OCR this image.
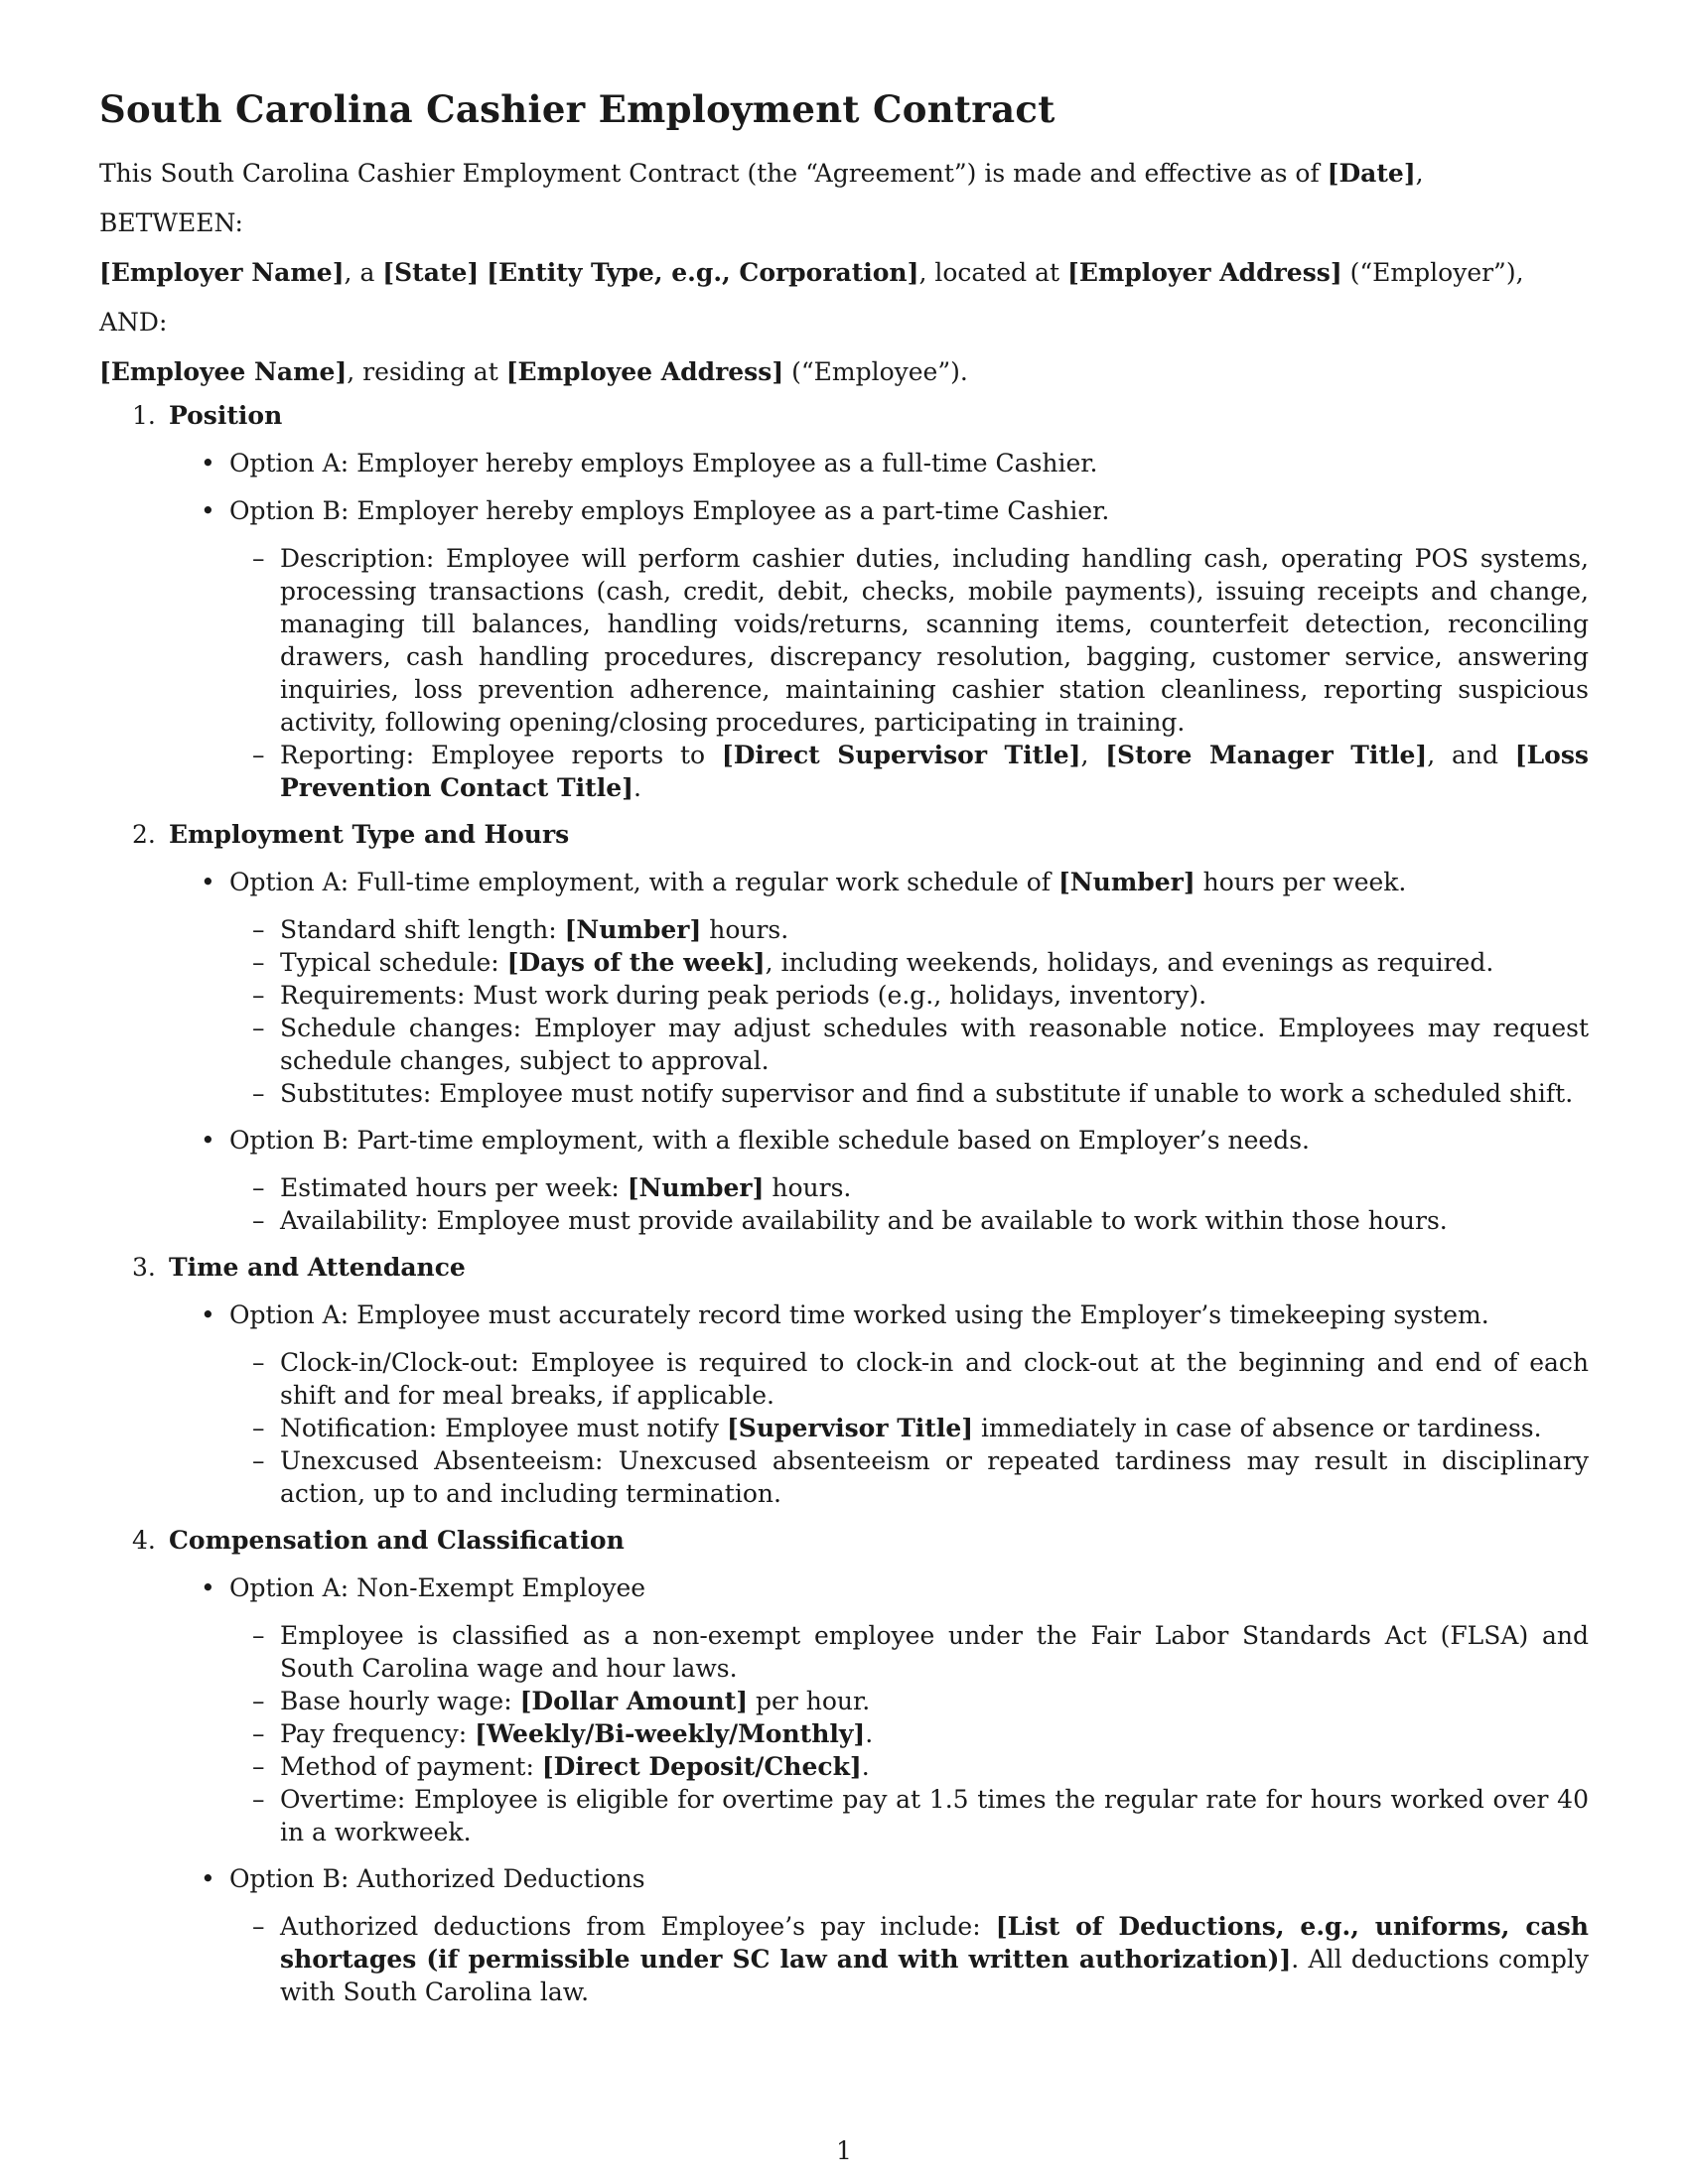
South Carolina Cashier Employment Contract

This South Carolina Cashier Employment Contract (the “Agreement”) is made and effective as of [Date],

BETWEEN:

[Employer Name], a [State] [Entity Type, e.g., Corporation], located at [Employer Address] (“Employer”),

AND:

[Employee Name], residing at [Employee Address] (“Employee”).

1. Position
• Option A: Employer hereby employs Employee as a full-time Cashier.
• Option B: Employer hereby employs Employee as a part-time Cashier.
– Description: Employee will perform cashier duties, including handling cash, operating POS systems, processing transactions (cash, credit, debit, checks, mobile payments), issuing receipts and change, managing till balances, handling voids/returns, scanning items, counterfeit detection, reconciling drawers, cash handling procedures, discrepancy resolution, bagging, customer service, answering inquiries, loss prevention adherence, maintaining cashier station cleanliness, reporting suspicious activity, following opening/closing procedures, participating in training.
– Reporting: Employee reports to [Direct Supervisor Title], [Store Manager Title], and [Loss Prevention Contact Title].
2. Employment Type and Hours
• Option A: Full-time employment, with a regular work schedule of [Number] hours per week.
– Standard shift length: [Number] hours.
– Typical schedule: [Days of the week], including weekends, holidays, and evenings as required.
– Requirements: Must work during peak periods (e.g., holidays, inventory).
– Schedule changes: Employer may adjust schedules with reasonable notice. Employees may request schedule changes, subject to approval.
– Substitutes: Employee must notify supervisor and find a substitute if unable to work a scheduled shift.
• Option B: Part-time employment, with a flexible schedule based on Employer’s needs.
– Estimated hours per week: [Number] hours.
– Availability: Employee must provide availability and be available to work within those hours.
3. Time and Attendance
• Option A: Employee must accurately record time worked using the Employer’s timekeeping system.
– Clock-in/Clock-out: Employee is required to clock-in and clock-out at the beginning and end of each shift and for meal breaks, if applicable.
– Notification: Employee must notify [Supervisor Title] immediately in case of absence or tardiness.
– Unexcused Absenteeism: Unexcused absenteeism or repeated tardiness may result in disciplinary action, up to and including termination.
4. Compensation and Classification
• Option A: Non-Exempt Employee
– Employee is classified as a non-exempt employee under the Fair Labor Standards Act (FLSA) and South Carolina wage and hour laws.
– Base hourly wage: [Dollar Amount] per hour.
– Pay frequency: [Weekly/Bi-weekly/Monthly].
– Method of payment: [Direct Deposit/Check].
– Overtime: Employee is eligible for overtime pay at 1.5 times the regular rate for hours worked over 40 in a workweek.
• Option B: Authorized Deductions
– Authorized deductions from Employee’s pay include: [List of Deductions, e.g., uniforms, cash shortages (if permissible under SC law and with written authorization)]. All deductions comply with South Carolina law.
1
